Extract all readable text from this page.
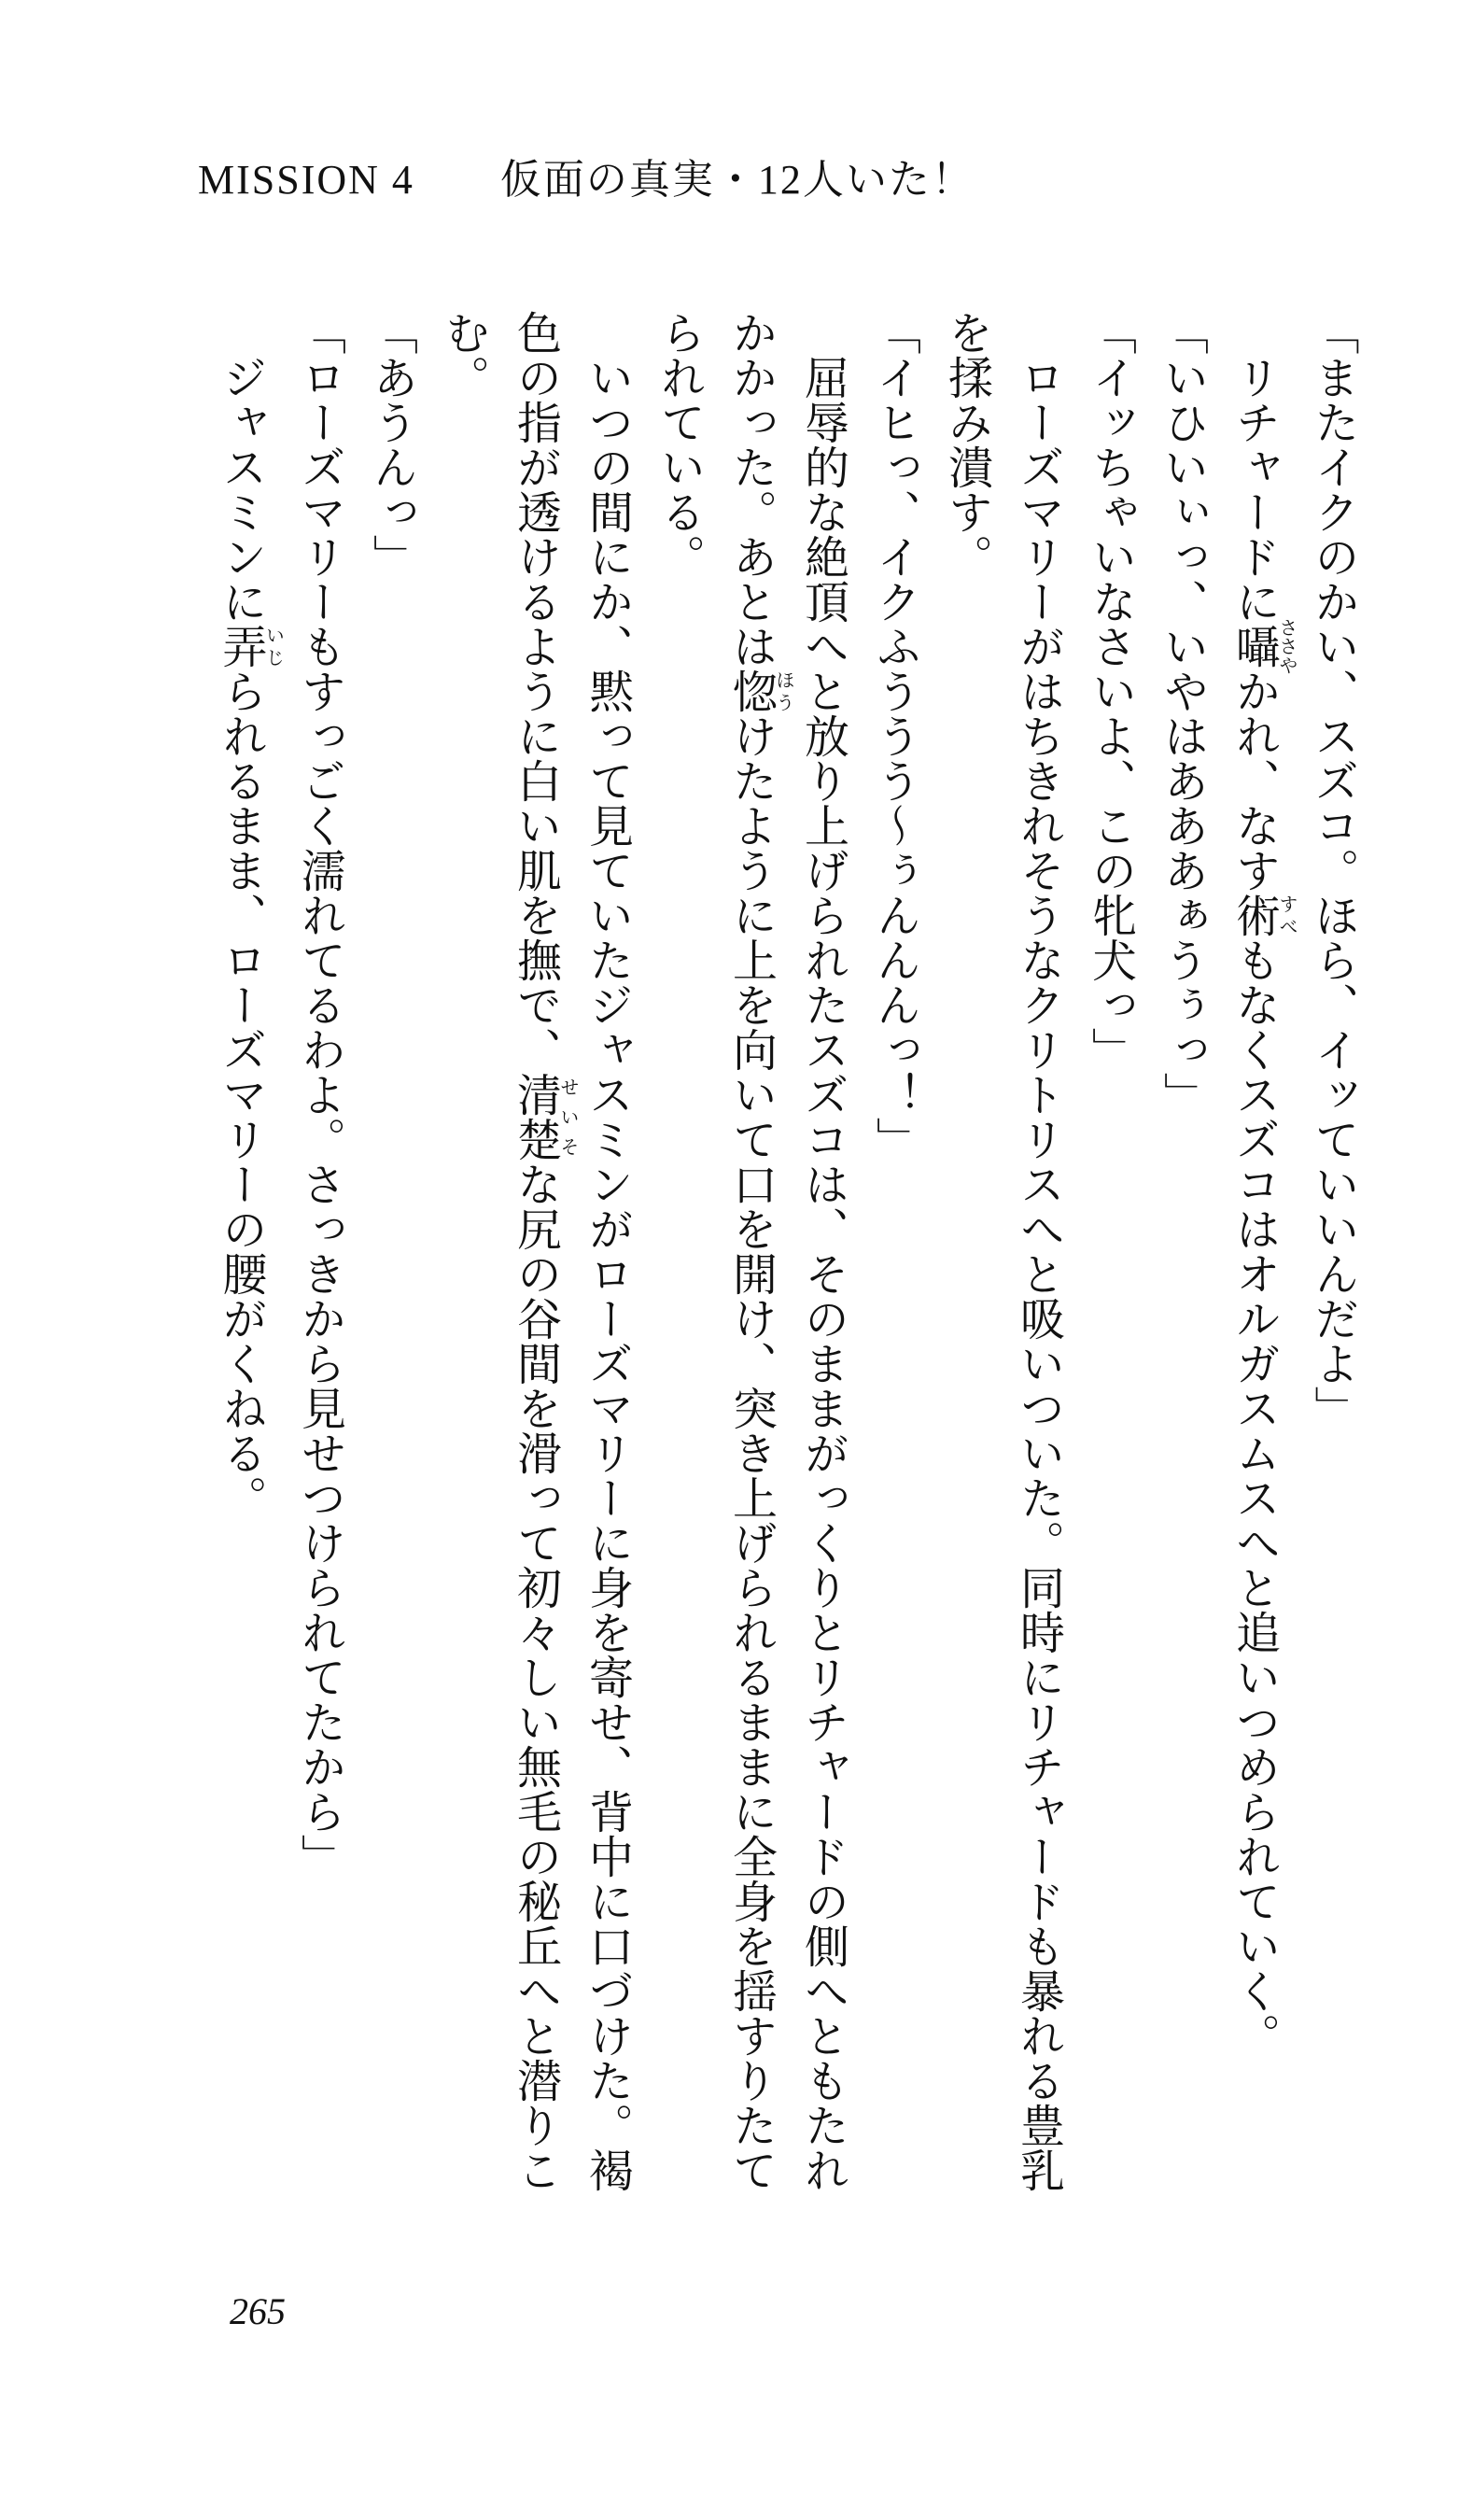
MISSION 4　　仮面の真実・12人いた！

「またイクのかい、スズコ。ほら、イッていいんだよ」

リチャードに囁ささやかれ、なす術すべもなくスズコはオルガスムスへと追いつめられていく。

「いひいぃっ、いやはあああぁうぅっ」

「イッちゃいなさいよ、この牝犬っ」

ローズマリーがはちきれそうなクリトリスへと吸いついた。同時にリチャードも暴れる豊乳を揉み潰す。

「イヒっ、イクふううう〜ぅんんんっ！」

屈辱的な絶頂へと放り上げられたスズコは、そのままがっくりとリチャードの側へともたれかかった。あとは惚ほうけたように上を向いて口を開け、突き上げられるままに全身を揺すりたてられている。

いつの間にか、黙って見ていたジャスミンがローズマリーに身を寄せ、背中に口づけた。褐色の指が透けるように白い肌を撫で、清楚せいそな尻の谷間を滑って初々しい無毛の秘丘へと潜りこむ。

「あうんっ」

「ローズマリーもすっごく濡れてるわよ。さっきから見せつけられてたから」

ジャスミンに弄いじられるまま、ローズマリーの腰がくねる。

265
